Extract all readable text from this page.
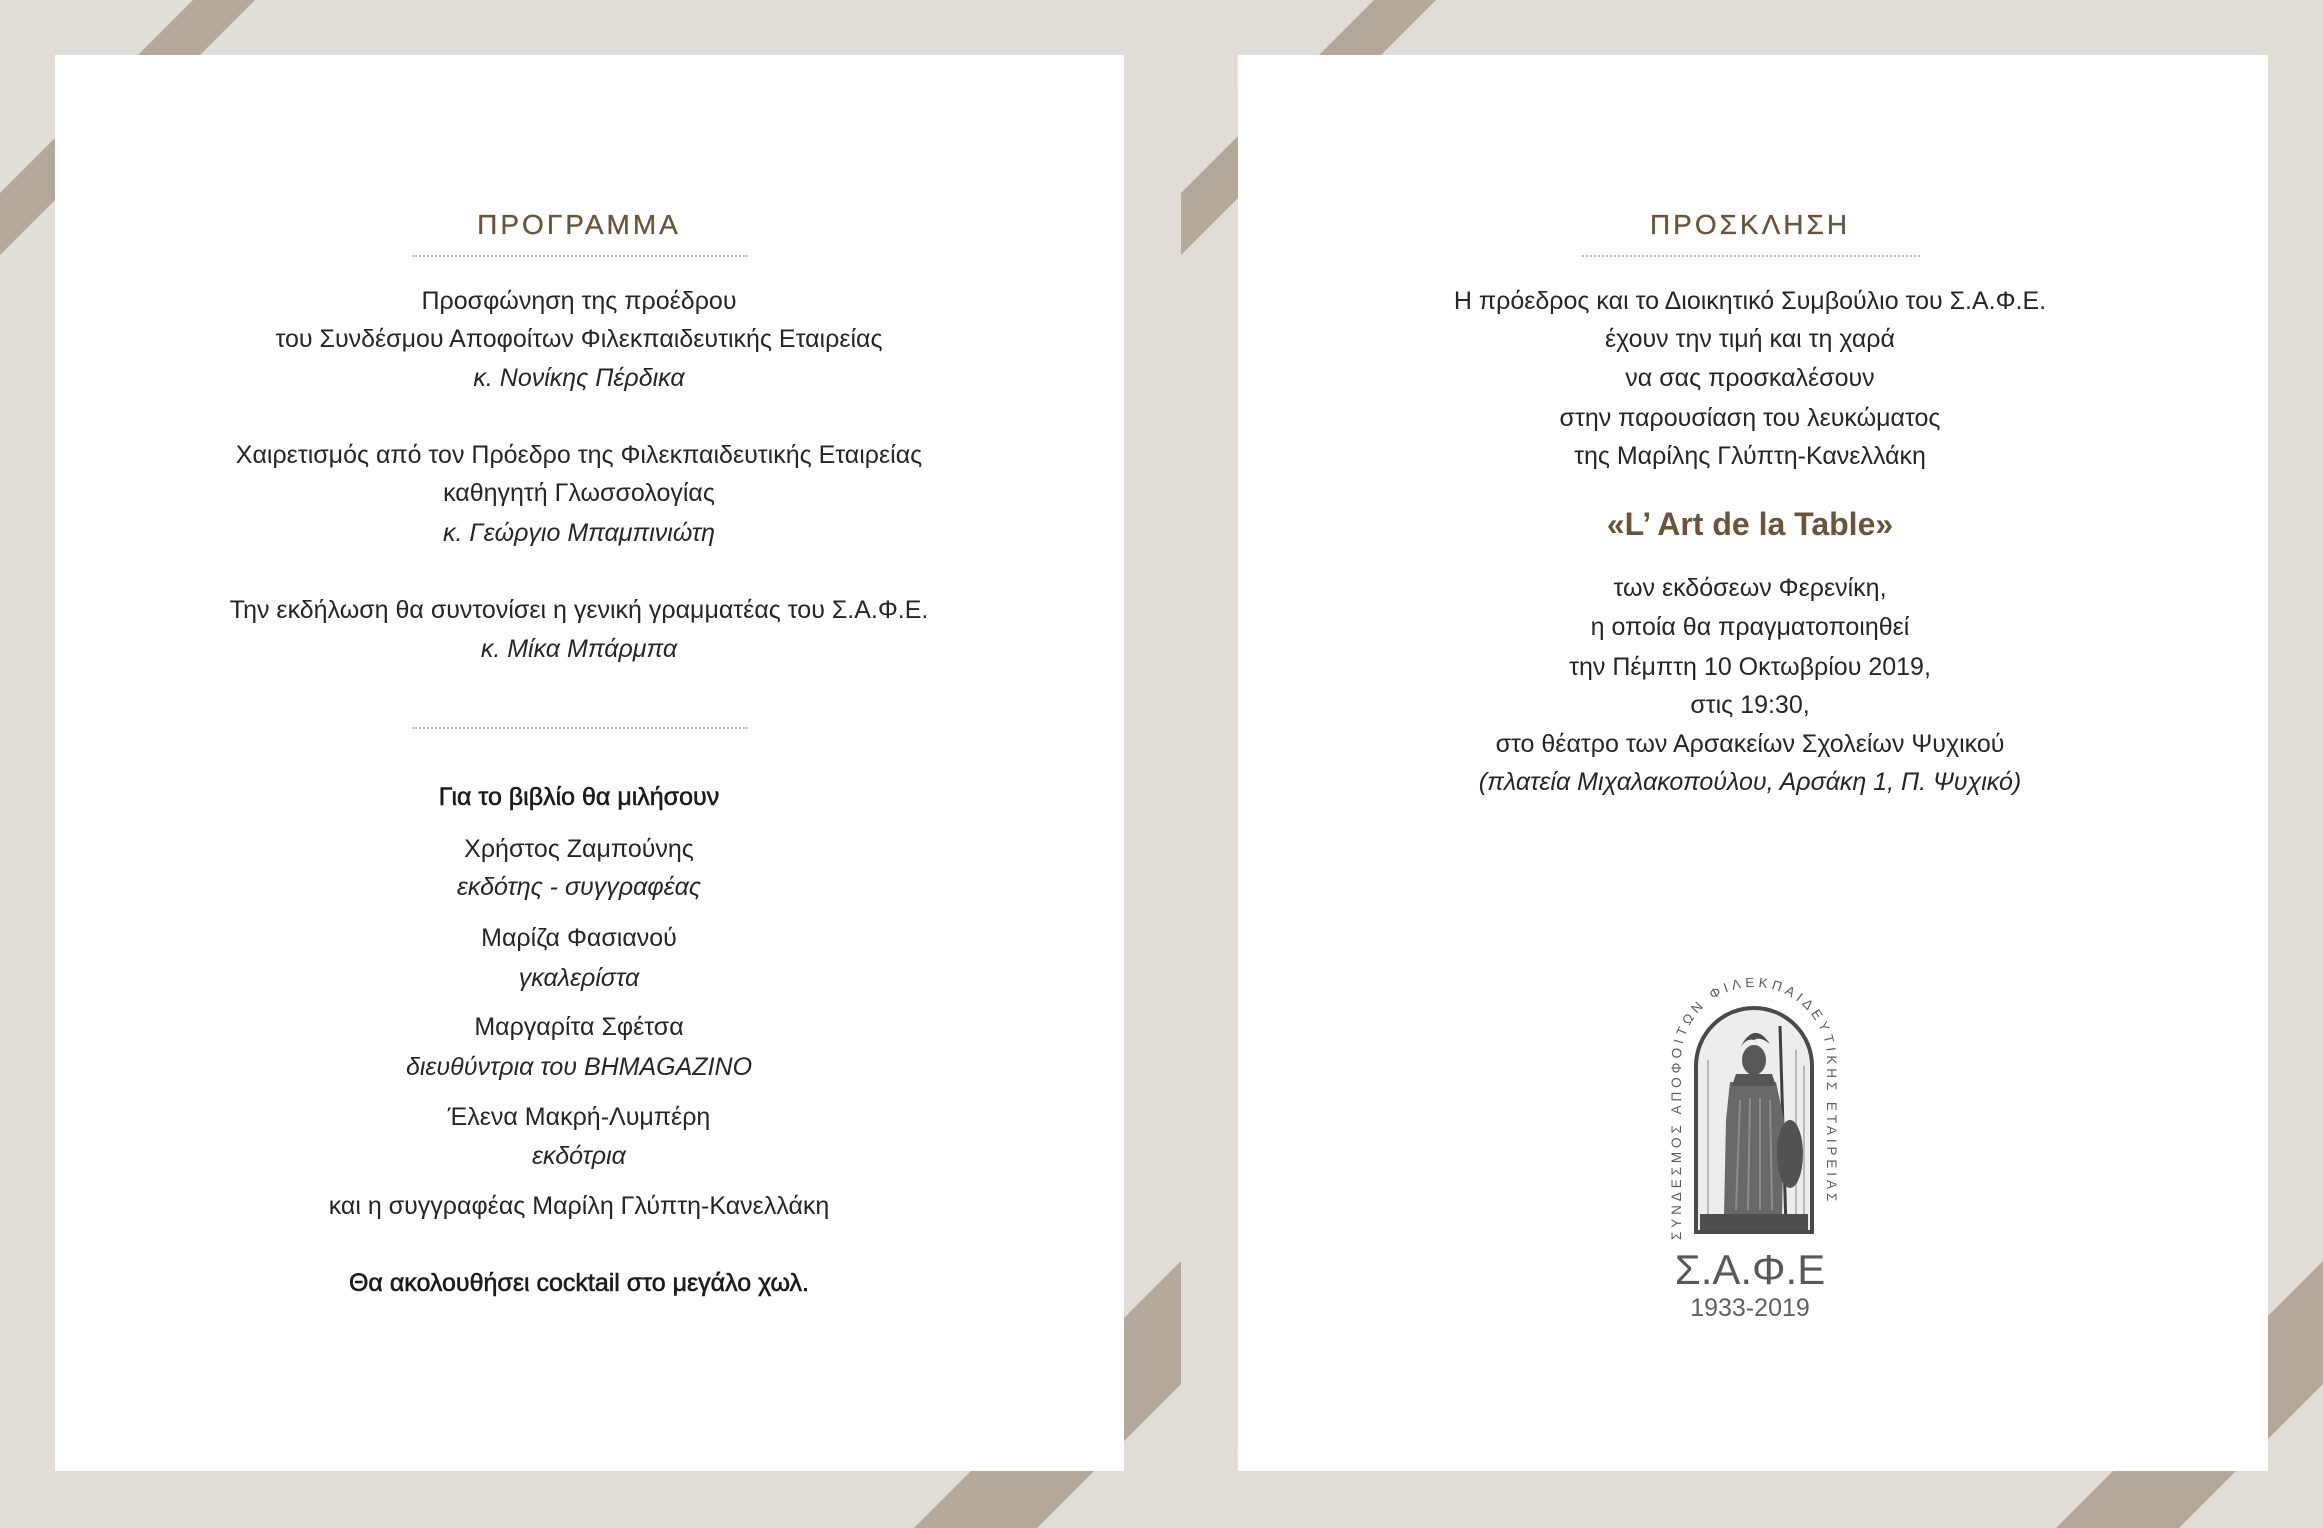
ΠΡΟΓΡΑΜΜΑ
Προσφώνηση της προέδρου
του Συνδέσμου Αποφοίτων Φιλεκπαιδευτικής Εταιρείας
κ. Νονίκης Πέρδικα
Χαιρετισμός από τον Πρόεδρο της Φιλεκπαιδευτικής Εταιρείας
καθηγητή Γλωσσολογίας
κ. Γεώργιο Μπαμπινιώτη
Την εκδήλωση θα συντονίσει η γενική γραμματέας του Σ.Α.Φ.Ε.
κ. Μίκα Μπάρμπα
Για το βιβλίο θα μιλήσουν
Χρήστος Ζαμπούνης
εκδότης - συγγραφέας
Μαρίζα Φασιανού
γκαλερίστα
Μαργαρίτα Σφέτσα
διευθύντρια του ΒΗΜAGAZINO
Έλενα Μακρή-Λυμπέρη
εκδότρια
και η συγγραφέας Μαρίλη Γλύπτη-Κανελλάκη
Θα ακολουθήσει cocktail στο μεγάλο χωλ.
ΠΡΟΣΚΛΗΣΗ
Η πρόεδρος και το Διοικητικό Συμβούλιο του Σ.Α.Φ.Ε.
έχουν την τιμή και τη χαρά
να σας προσκαλέσουν
στην παρουσίαση του λευκώματος
της Μαρίλης Γλύπτη-Κανελλάκη
«L’ Art de la Table»
των εκδόσεων Φερενίκη,
η οποία θα πραγματοποιηθεί
την Πέμπτη 10 Οκτωβρίου 2019,
στις 19:30,
στο θέατρο των Αρσακείων Σχολείων Ψυχικού
(πλατεία Μιχαλακοπούλου, Αρσάκη 1, Π. Ψυχικό)
ΣΥΝΔΕΣΜΟΣ ΑΠΟΦΟΙΤΩΝ ΦΙΛΕΚΠΑΙΔΕΥΤΙΚΗΣ ΕΤΑΙΡΕΙΑΣ
Σ.Α.Φ.Ε
1933-2019
